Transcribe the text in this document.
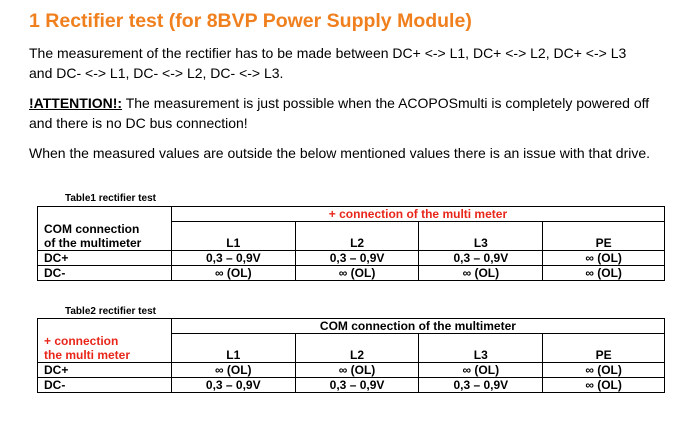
1 Rectifier test (for 8BVP Power Supply Module)
The measurement of the rectifier has to be made between DC+ <-> L1, DC+ <-> L2, DC+ <-> L3
and DC- <-> L1, DC- <-> L2, DC- <-> L3.
!ATTENTION!: The measurement is just possible when the ACOPOSmulti is completely powered off
and there is no DC bus connection!
When the measured values are outside the below mentioned values there is an issue with that drive.
Table1 rectifier test
	+ connection of the multi meter			
COM connection				
of the multimeter	L1	L2	L3	PE
DC+	0,3 – 0,9V	0,3 – 0,9V	0,3 – 0,9V	∞ (OL)
DC-	∞ (OL)	∞ (OL)	∞ (OL)	∞ (OL)
Table2 rectifier test
	COM connection of the multimeter			
+ connection				
the multi meter	L1	L2	L3	PE
DC+	∞ (OL)	∞ (OL)	∞ (OL)	∞ (OL)
DC-	0,3 – 0,9V	0,3 – 0,9V	0,3 – 0,9V	∞ (OL)
